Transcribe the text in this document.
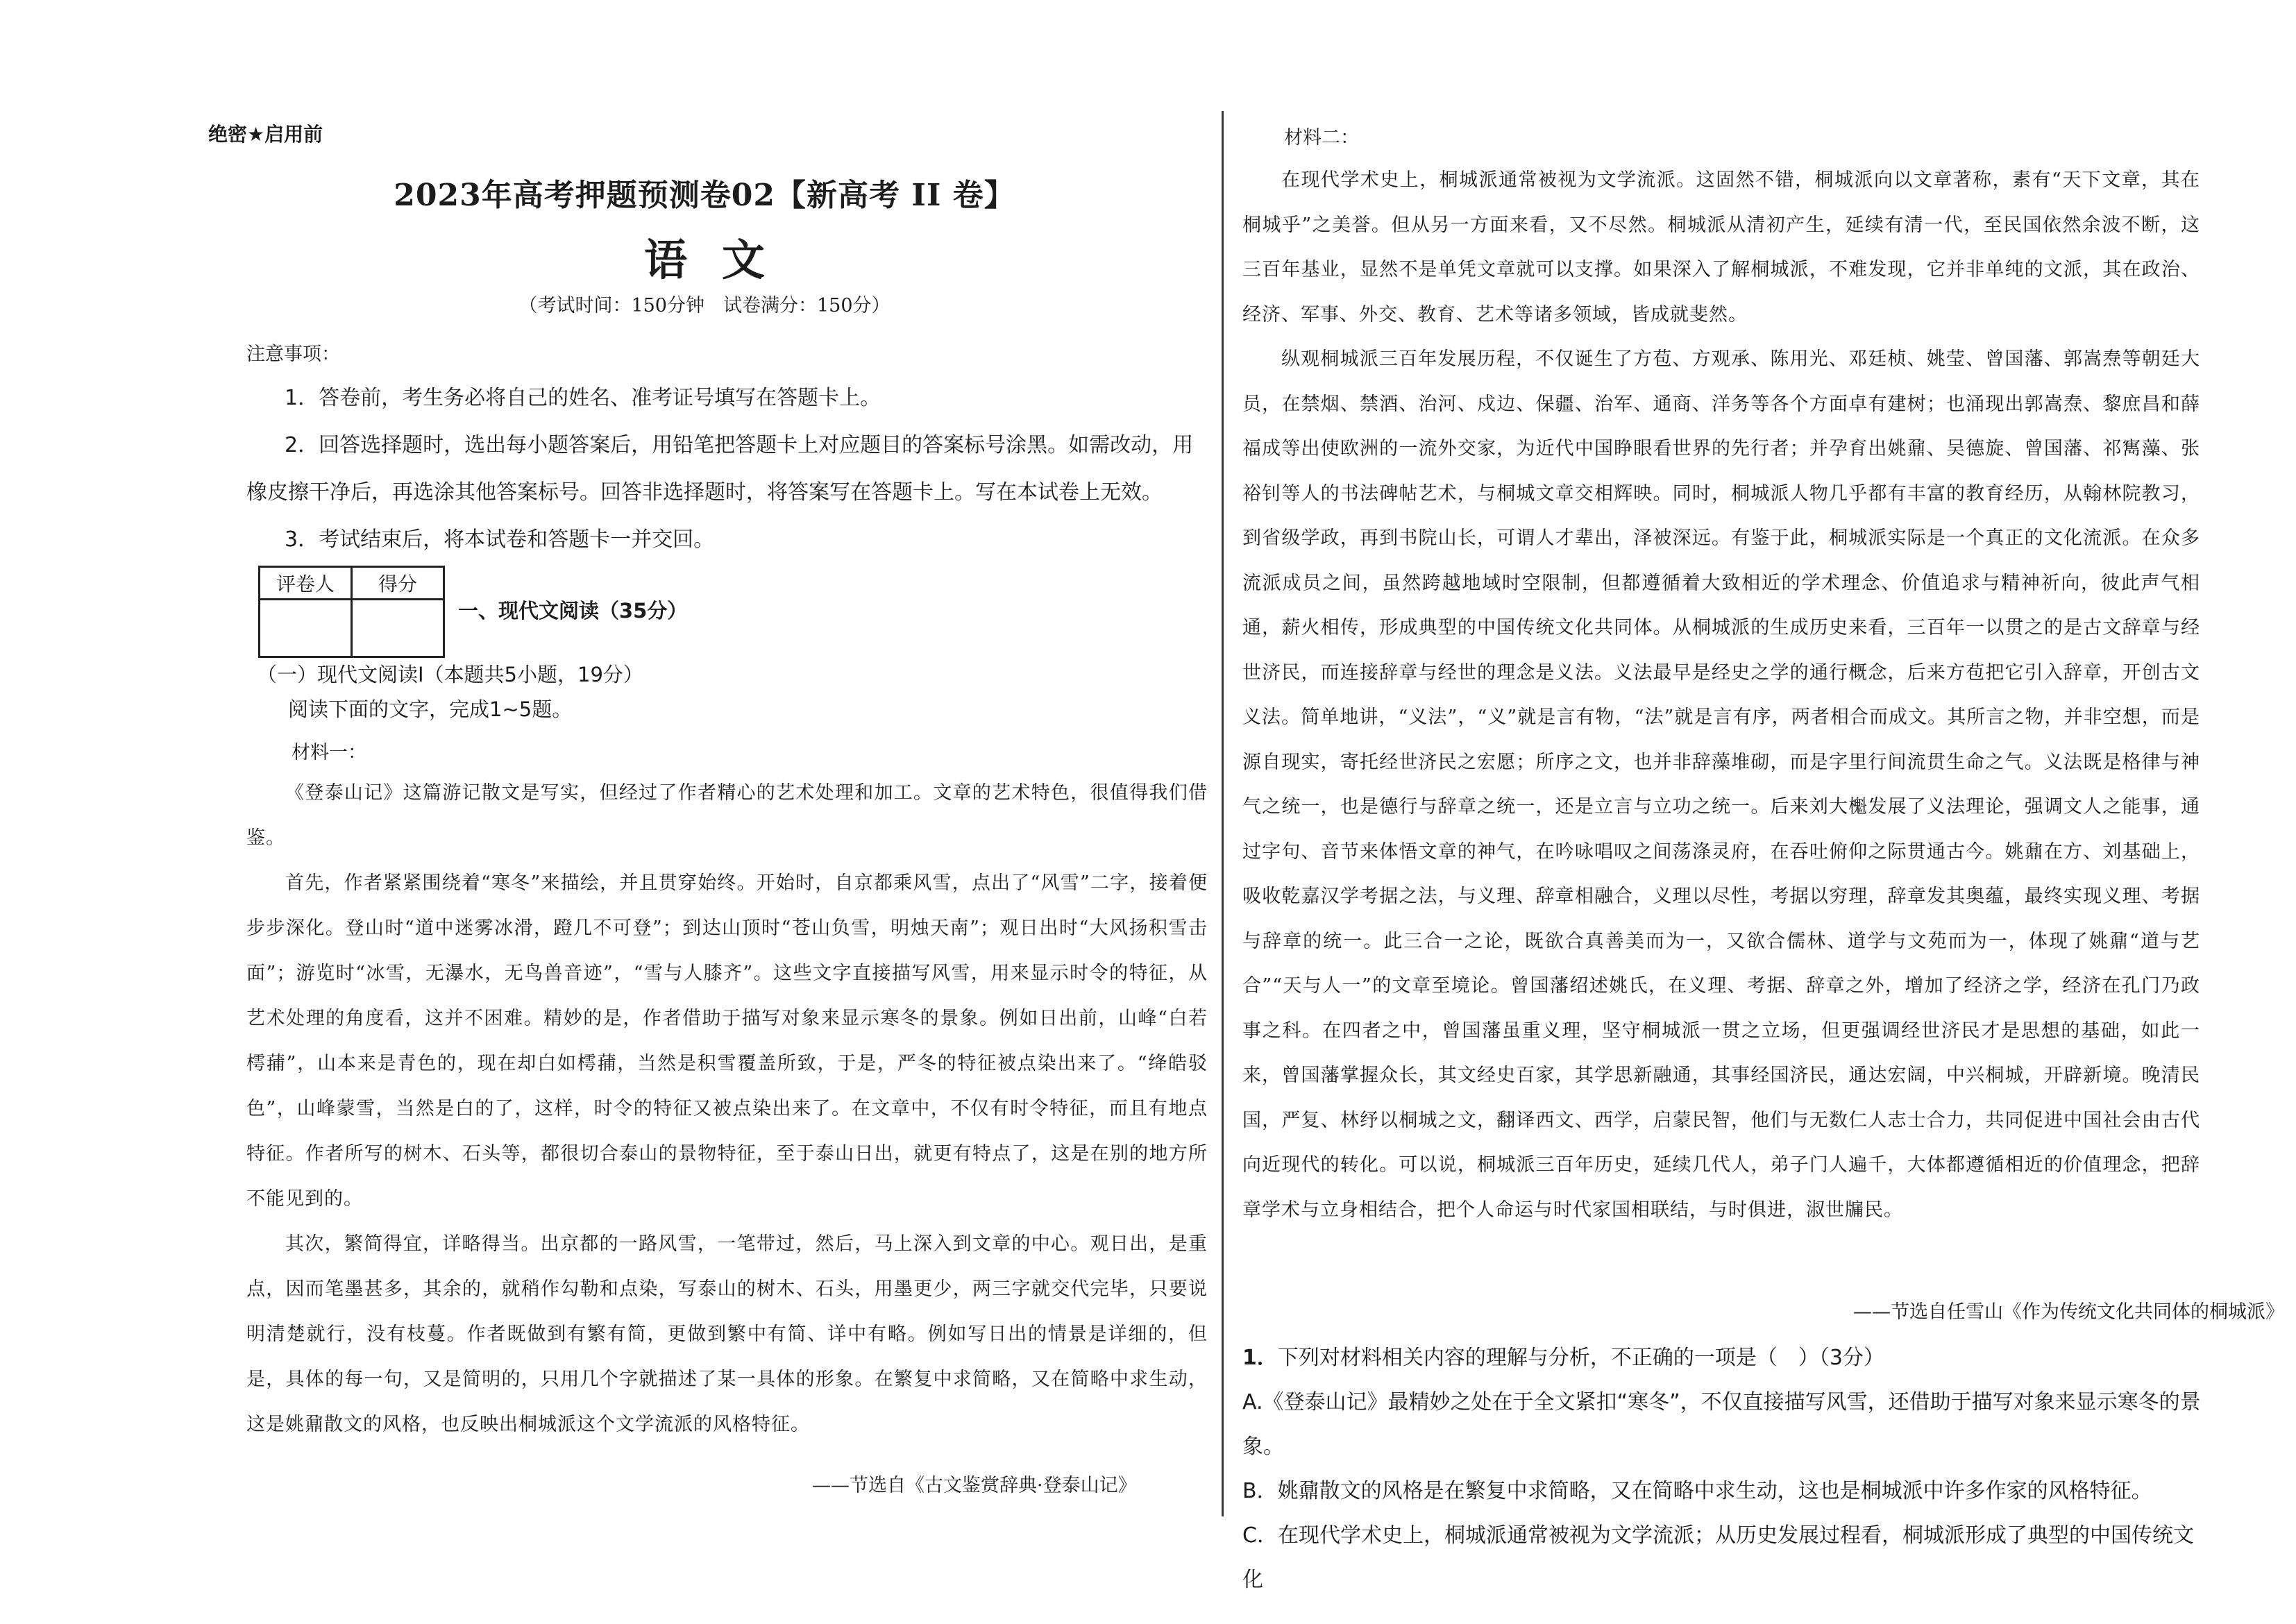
绝密★启用前
2023年高考押题预测卷02【新高考 II 卷】
语文
（考试时间：150分钟　试卷满分：150分）
注意事项：
1．答卷前，考生务必将自己的姓名、准考证号填写在答题卡上。
2．回答选择题时，选出每小题答案后，用铅笔把答题卡上对应题目的答案标号涂黑。如需改动，用橡皮擦干净后，再选涂其他答案标号。回答非选择题时，将答案写在答题卡上。写在本试卷上无效。
3．考试结束后，将本试卷和答题卡一并交回。
评卷人	得分

一、现代文阅读（35分）
（一）现代文阅读Ⅰ（本题共5小题，19分）
阅读下面的文字，完成1~5题。
材料一：

《登泰山记》这篇游记散文是写实，但经过了作者精心的艺术处理和加工。文章的艺术特色，很值得我们借鉴。

首先，作者紧紧围绕着“寒冬”来描绘，并且贯穿始终。开始时，自京都乘风雪，点出了“风雪”二字，接着便步步深化。登山时“道中迷雾冰滑，蹬几不可登”；到达山顶时“苍山负雪，明烛天南”；观日出时“大风扬积雪击面”；游览时“冰雪，无瀑水，无鸟兽音迹”，“雪与人膝齐”。这些文字直接描写风雪，用来显示时令的特征，从艺术处理的角度看，这并不困难。精妙的是，作者借助于描写对象来显示寒冬的景象。例如日出前，山峰“白若樗蒱”，山本来是青色的，现在却白如樗蒱，当然是积雪覆盖所致，于是，严冬的特征被点染出来了。“绛皓驳色”，山峰蒙雪，当然是白的了，这样，时令的特征又被点染出来了。在文章中，不仅有时令特征，而且有地点特征。作者所写的树木、石头等，都很切合泰山的景物特征，至于泰山日出，就更有特点了，这是在别的地方所不能见到的。

其次，繁简得宜，详略得当。出京都的一路风雪，一笔带过，然后，马上深入到文章的中心。观日出，是重点，因而笔墨甚多，其余的，就稍作勾勒和点染，写泰山的树木、石头，用墨更少，两三字就交代完毕，只要说明清楚就行，没有枝蔓。作者既做到有繁有简，更做到繁中有简、详中有略。例如写日出的情景是详细的，但是，具体的每一句，又是简明的，只用几个字就描述了某一具体的形象。在繁复中求简略，又在简略中求生动，这是姚鼐散文的风格，也反映出桐城派这个文学流派的风格特征。

——节选自《古文鉴赏辞典·登泰山记》
材料二：

在现代学术史上，桐城派通常被视为文学流派。这固然不错，桐城派向以文章著称，素有“天下文章，其在桐城乎”之美誉。但从另一方面来看，又不尽然。桐城派从清初产生，延续有清一代，至民国依然余波不断，这三百年基业，显然不是单凭文章就可以支撑。如果深入了解桐城派，不难发现，它并非单纯的文派，其在政治、经济、军事、外交、教育、艺术等诸多领域，皆成就斐然。

纵观桐城派三百年发展历程，不仅诞生了方苞、方观承、陈用光、邓廷桢、姚莹、曾国藩、郭嵩焘等朝廷大员，在禁烟、禁酒、治河、戍边、保疆、治军、通商、洋务等各个方面卓有建树；也涌现出郭嵩焘、黎庶昌和薛福成等出使欧洲的一流外交家，为近代中国睁眼看世界的先行者；并孕育出姚鼐、吴德旋、曾国藩、祁寯藻、张裕钊等人的书法碑帖艺术，与桐城文章交相辉映。同时，桐城派人物几乎都有丰富的教育经历，从翰林院教习，到省级学政，再到书院山长，可谓人才辈出，泽被深远。有鉴于此，桐城派实际是一个真正的文化流派。在众多流派成员之间，虽然跨越地域时空限制，但都遵循着大致相近的学术理念、价值追求与精神祈向，彼此声气相通，薪火相传，形成典型的中国传统文化共同体。从桐城派的生成历史来看，三百年一以贯之的是古文辞章与经世济民，而连接辞章与经世的理念是义法。义法最早是经史之学的通行概念，后来方苞把它引入辞章，开创古文义法。简单地讲，“义法”，“义”就是言有物，“法”就是言有序，两者相合而成文。其所言之物，并非空想，而是源自现实，寄托经世济民之宏愿；所序之文，也并非辞藻堆砌，而是字里行间流贯生命之气。义法既是格律与神气之统一，也是德行与辞章之统一，还是立言与立功之统一。后来刘大櫆发展了义法理论，强调文人之能事，通过字句、音节来体悟文章的神气，在吟咏唱叹之间荡涤灵府，在吞吐俯仰之际贯通古今。姚鼐在方、刘基础上，吸收乾嘉汉学考据之法，与义理、辞章相融合，义理以尽性，考据以穷理，辞章发其奥蕴，最终实现义理、考据与辞章的统一。此三合一之论，既欲合真善美而为一，又欲合儒林、道学与文苑而为一，体现了姚鼐“道与艺合”“天与人一”的文章至境论。曾国藩绍述姚氏，在义理、考据、辞章之外，增加了经济之学，经济在孔门乃政事之科。在四者之中，曾国藩虽重义理，坚守桐城派一贯之立场，但更强调经世济民才是思想的基础，如此一来，曾国藩掌握众长，其文经史百家，其学思新融通，其事经国济民，通达宏阔，中兴桐城，开辟新境。晚清民国，严复、林纾以桐城之文，翻译西文、西学，启蒙民智，他们与无数仁人志士合力，共同促进中国社会由古代向近现代的转化。可以说，桐城派三百年历史，延续几代人，弟子门人遍千，大体都遵循相近的价值理念，把辞章学术与立身相结合，把个人命运与时代家国相联结，与时俱进，淑世牖民。

——节选自任雪山《作为传统文化共同体的桐城派》
1．下列对材料相关内容的理解与分析，不正确的一项是（　）（3分）
A.《登泰山记》最精妙之处在于全文紧扣“寒冬”，不仅直接描写风雪，还借助于描写对象来显示寒冬的景象。
B．姚鼐散文的风格是在繁复中求简略，又在简略中求生动，这也是桐城派中许多作家的风格特征。
C．在现代学术史上，桐城派通常被视为文学流派；从历史发展过程看，桐城派形成了典型的中国传统文化
